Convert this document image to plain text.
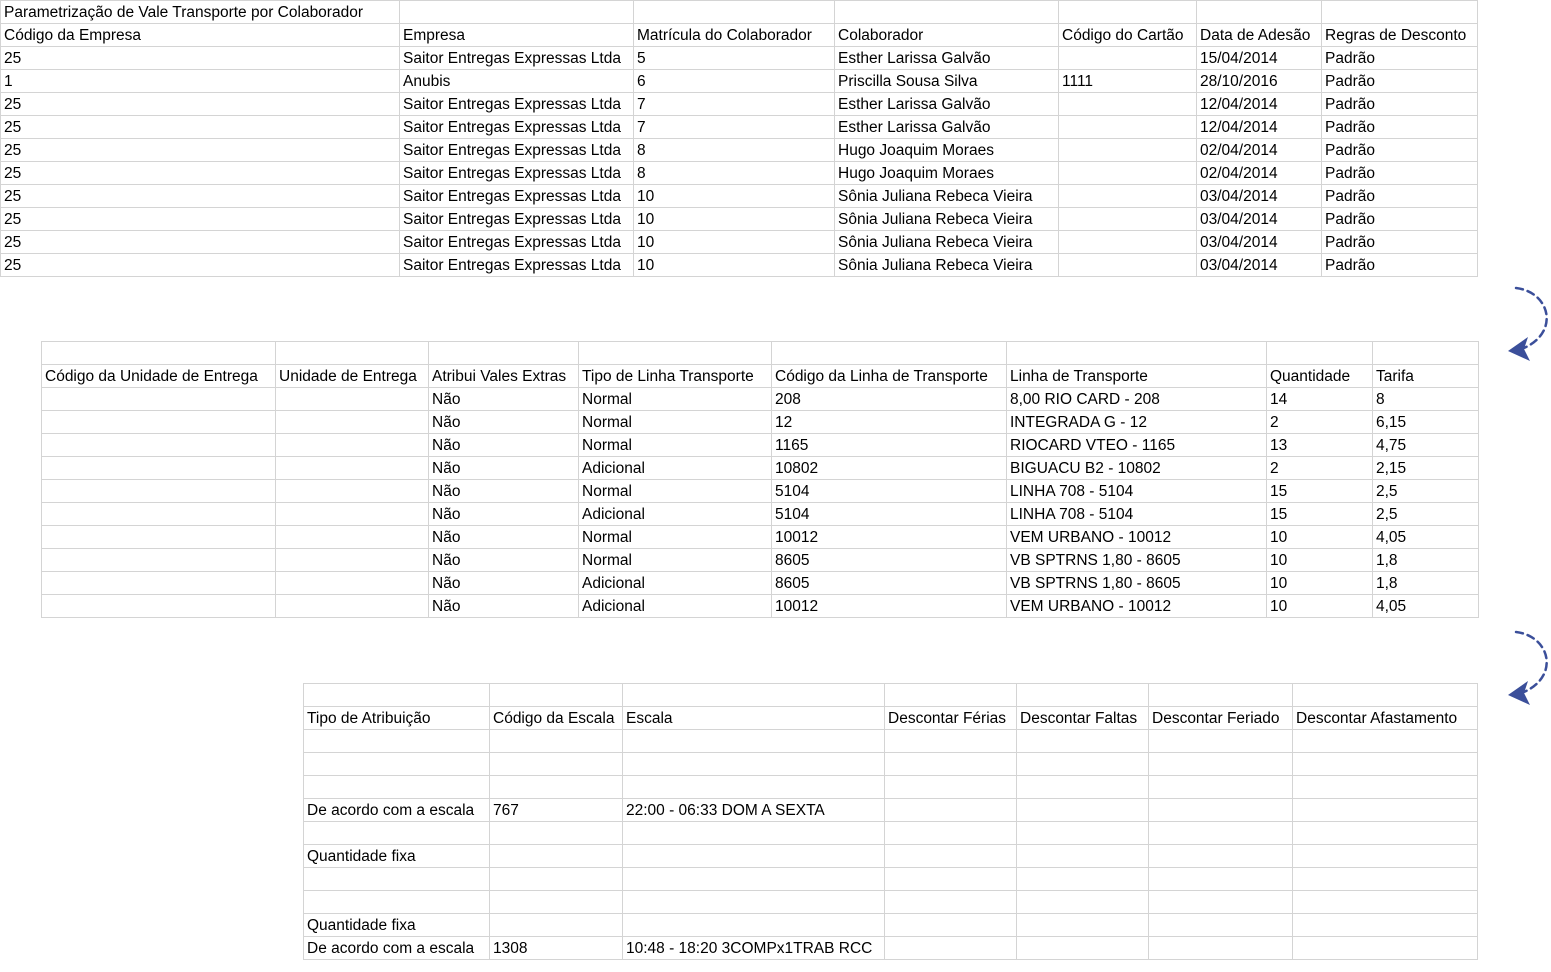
Parametrização de Vale Transporte por Colaborador						
Código da Empresa	Empresa	Matrícula do Colaborador	Colaborador	Código do Cartão	Data de Adesão	Regras de Desconto
25	Saitor Entregas Expressas Ltda	5	Esther Larissa Galvão		15/04/2014	Padrão
1	Anubis	6	Priscilla Sousa Silva	1111	28/10/2016	Padrão
25	Saitor Entregas Expressas Ltda	7	Esther Larissa Galvão		12/04/2014	Padrão
25	Saitor Entregas Expressas Ltda	7	Esther Larissa Galvão		12/04/2014	Padrão
25	Saitor Entregas Expressas Ltda	8	Hugo Joaquim Moraes		02/04/2014	Padrão
25	Saitor Entregas Expressas Ltda	8	Hugo Joaquim Moraes		02/04/2014	Padrão
25	Saitor Entregas Expressas Ltda	10	Sônia Juliana Rebeca Vieira		03/04/2014	Padrão
25	Saitor Entregas Expressas Ltda	10	Sônia Juliana Rebeca Vieira		03/04/2014	Padrão
25	Saitor Entregas Expressas Ltda	10	Sônia Juliana Rebeca Vieira		03/04/2014	Padrão
25	Saitor Entregas Expressas Ltda	10	Sônia Juliana Rebeca Vieira		03/04/2014	Padrão

Código da Unidade de Entrega	Unidade de Entrega	Atribui Vales Extras	Tipo de Linha Transporte	Código da Linha de Transporte	Linha de Transporte	Quantidade	Tarifa
		Não	Normal	208	8,00 RIO CARD - 208	14	8
		Não	Normal	12	INTEGRADA G - 12	2	6,15
		Não	Normal	1165	RIOCARD VTEO - 1165	13	4,75
		Não	Adicional	10802	BIGUACU B2 - 10802	2	2,15
		Não	Normal	5104	LINHA 708 - 5104	15	2,5
		Não	Adicional	5104	LINHA 708 - 5104	15	2,5
		Não	Normal	10012	VEM URBANO - 10012	10	4,05
		Não	Normal	8605	VB SPTRNS 1,80 - 8605	10	1,8
		Não	Adicional	8605	VB SPTRNS 1,80 - 8605	10	1,8
		Não	Adicional	10012	VEM URBANO - 10012	10	4,05

Tipo de Atribuição	Código da Escala	Escala	Descontar Férias	Descontar Faltas	Descontar Feriado	Descontar Afastamento

De acordo com a escala	767	22:00 - 06:33 DOM A SEXTA				

Quantidade fixa						

Quantidade fixa						
De acordo com a escala	1308	10:48 - 18:20 3COMPx1TRAB RCC				
